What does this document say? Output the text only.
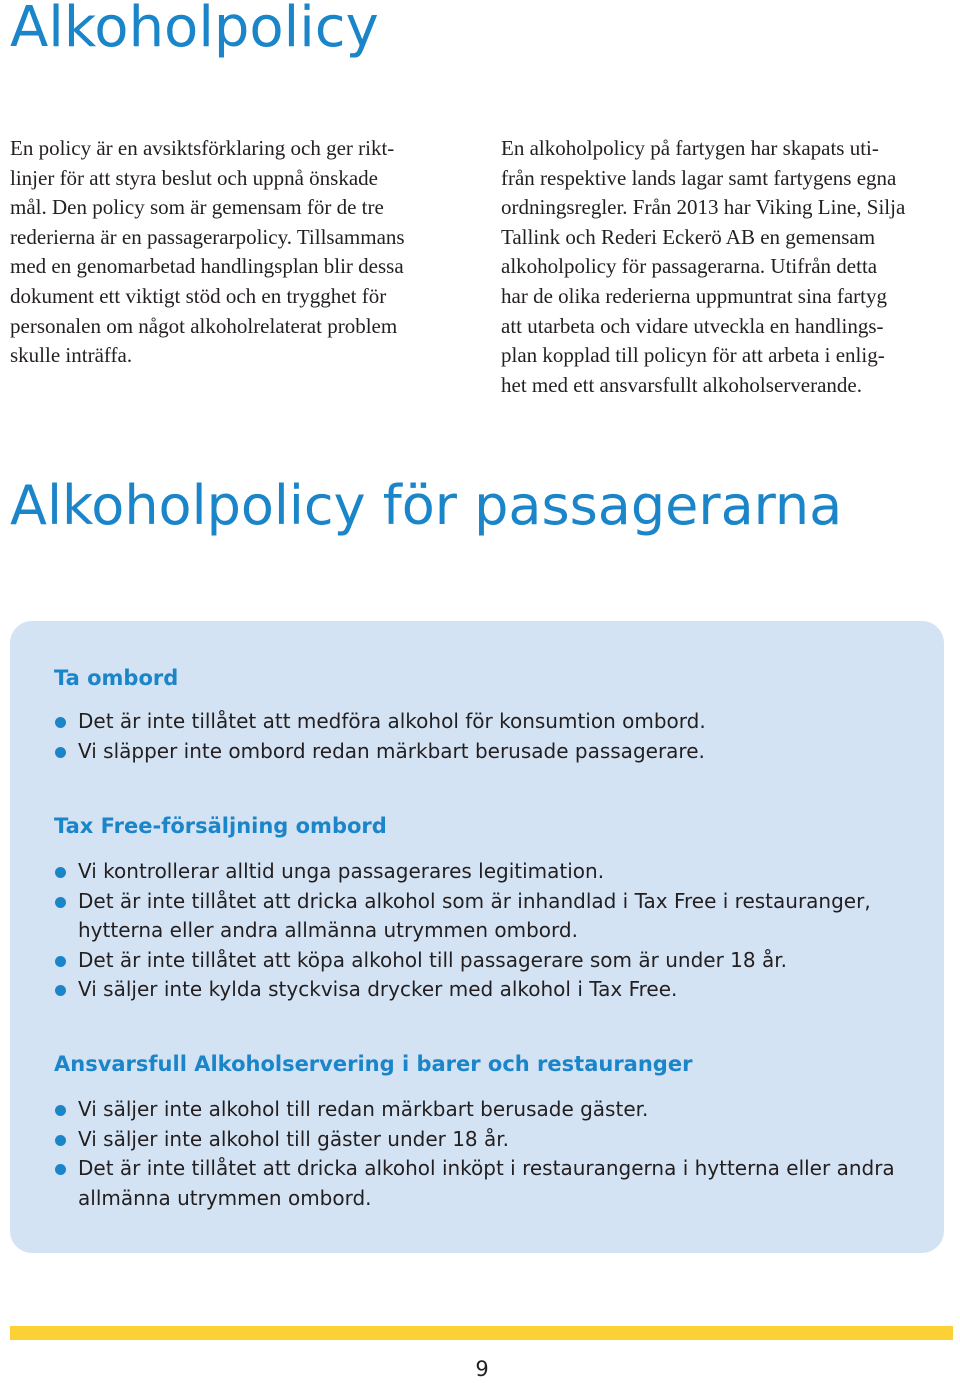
Alkoholpolicy

En policy är en avsiktsförklaring och ger rikt-
linjer för att styra beslut och uppnå önskade
mål. Den policy som är gemensam för de tre
rederierna är en passagerarpolicy. Tillsammans
med en genomarbetad handlingsplan blir dessa
dokument ett viktigt stöd och en trygghet för
personalen om något alkoholrelaterat problem
skulle inträffa.

En alkoholpolicy på fartygen har skapats uti-
från respektive lands lagar samt fartygens egna
ordningsregler. Från 2013 har Viking Line, Silja
Tallink och Rederi Eckerö AB en gemensam
alkoholpolicy för passagerarna. Utifrån detta
har de olika rederierna uppmuntrat sina fartyg
att utarbeta och vidare utveckla en handlings-
plan kopplad till policyn för att arbeta i enlig-
het med ett ansvarsfullt alkoholserverande.

Alkoholpolicy för passagerarna
Ta ombord
Det är inte tillåtet att medföra alkohol för konsumtion ombord.
Vi släpper inte ombord redan märkbart berusade passagerare.
Tax Free-försäljning ombord
Vi kontrollerar alltid unga passagerares legitimation.
Det är inte tillåtet att dricka alkohol som är inhandlad i Tax Free i restauranger,
hytterna eller andra allmänna utrymmen ombord.
Det är inte tillåtet att köpa alkohol till passagerare som är under 18 år.
Vi säljer inte kylda styckvisa drycker med alkohol i Tax Free.
Ansvarsfull Alkoholservering i barer och restauranger
Vi säljer inte alkohol till redan märkbart berusade gäster.
Vi säljer inte alkohol till gäster under 18 år.
Det är inte tillåtet att dricka alkohol inköpt i restaurangerna i hytterna eller andra
allmänna utrymmen ombord.
9
